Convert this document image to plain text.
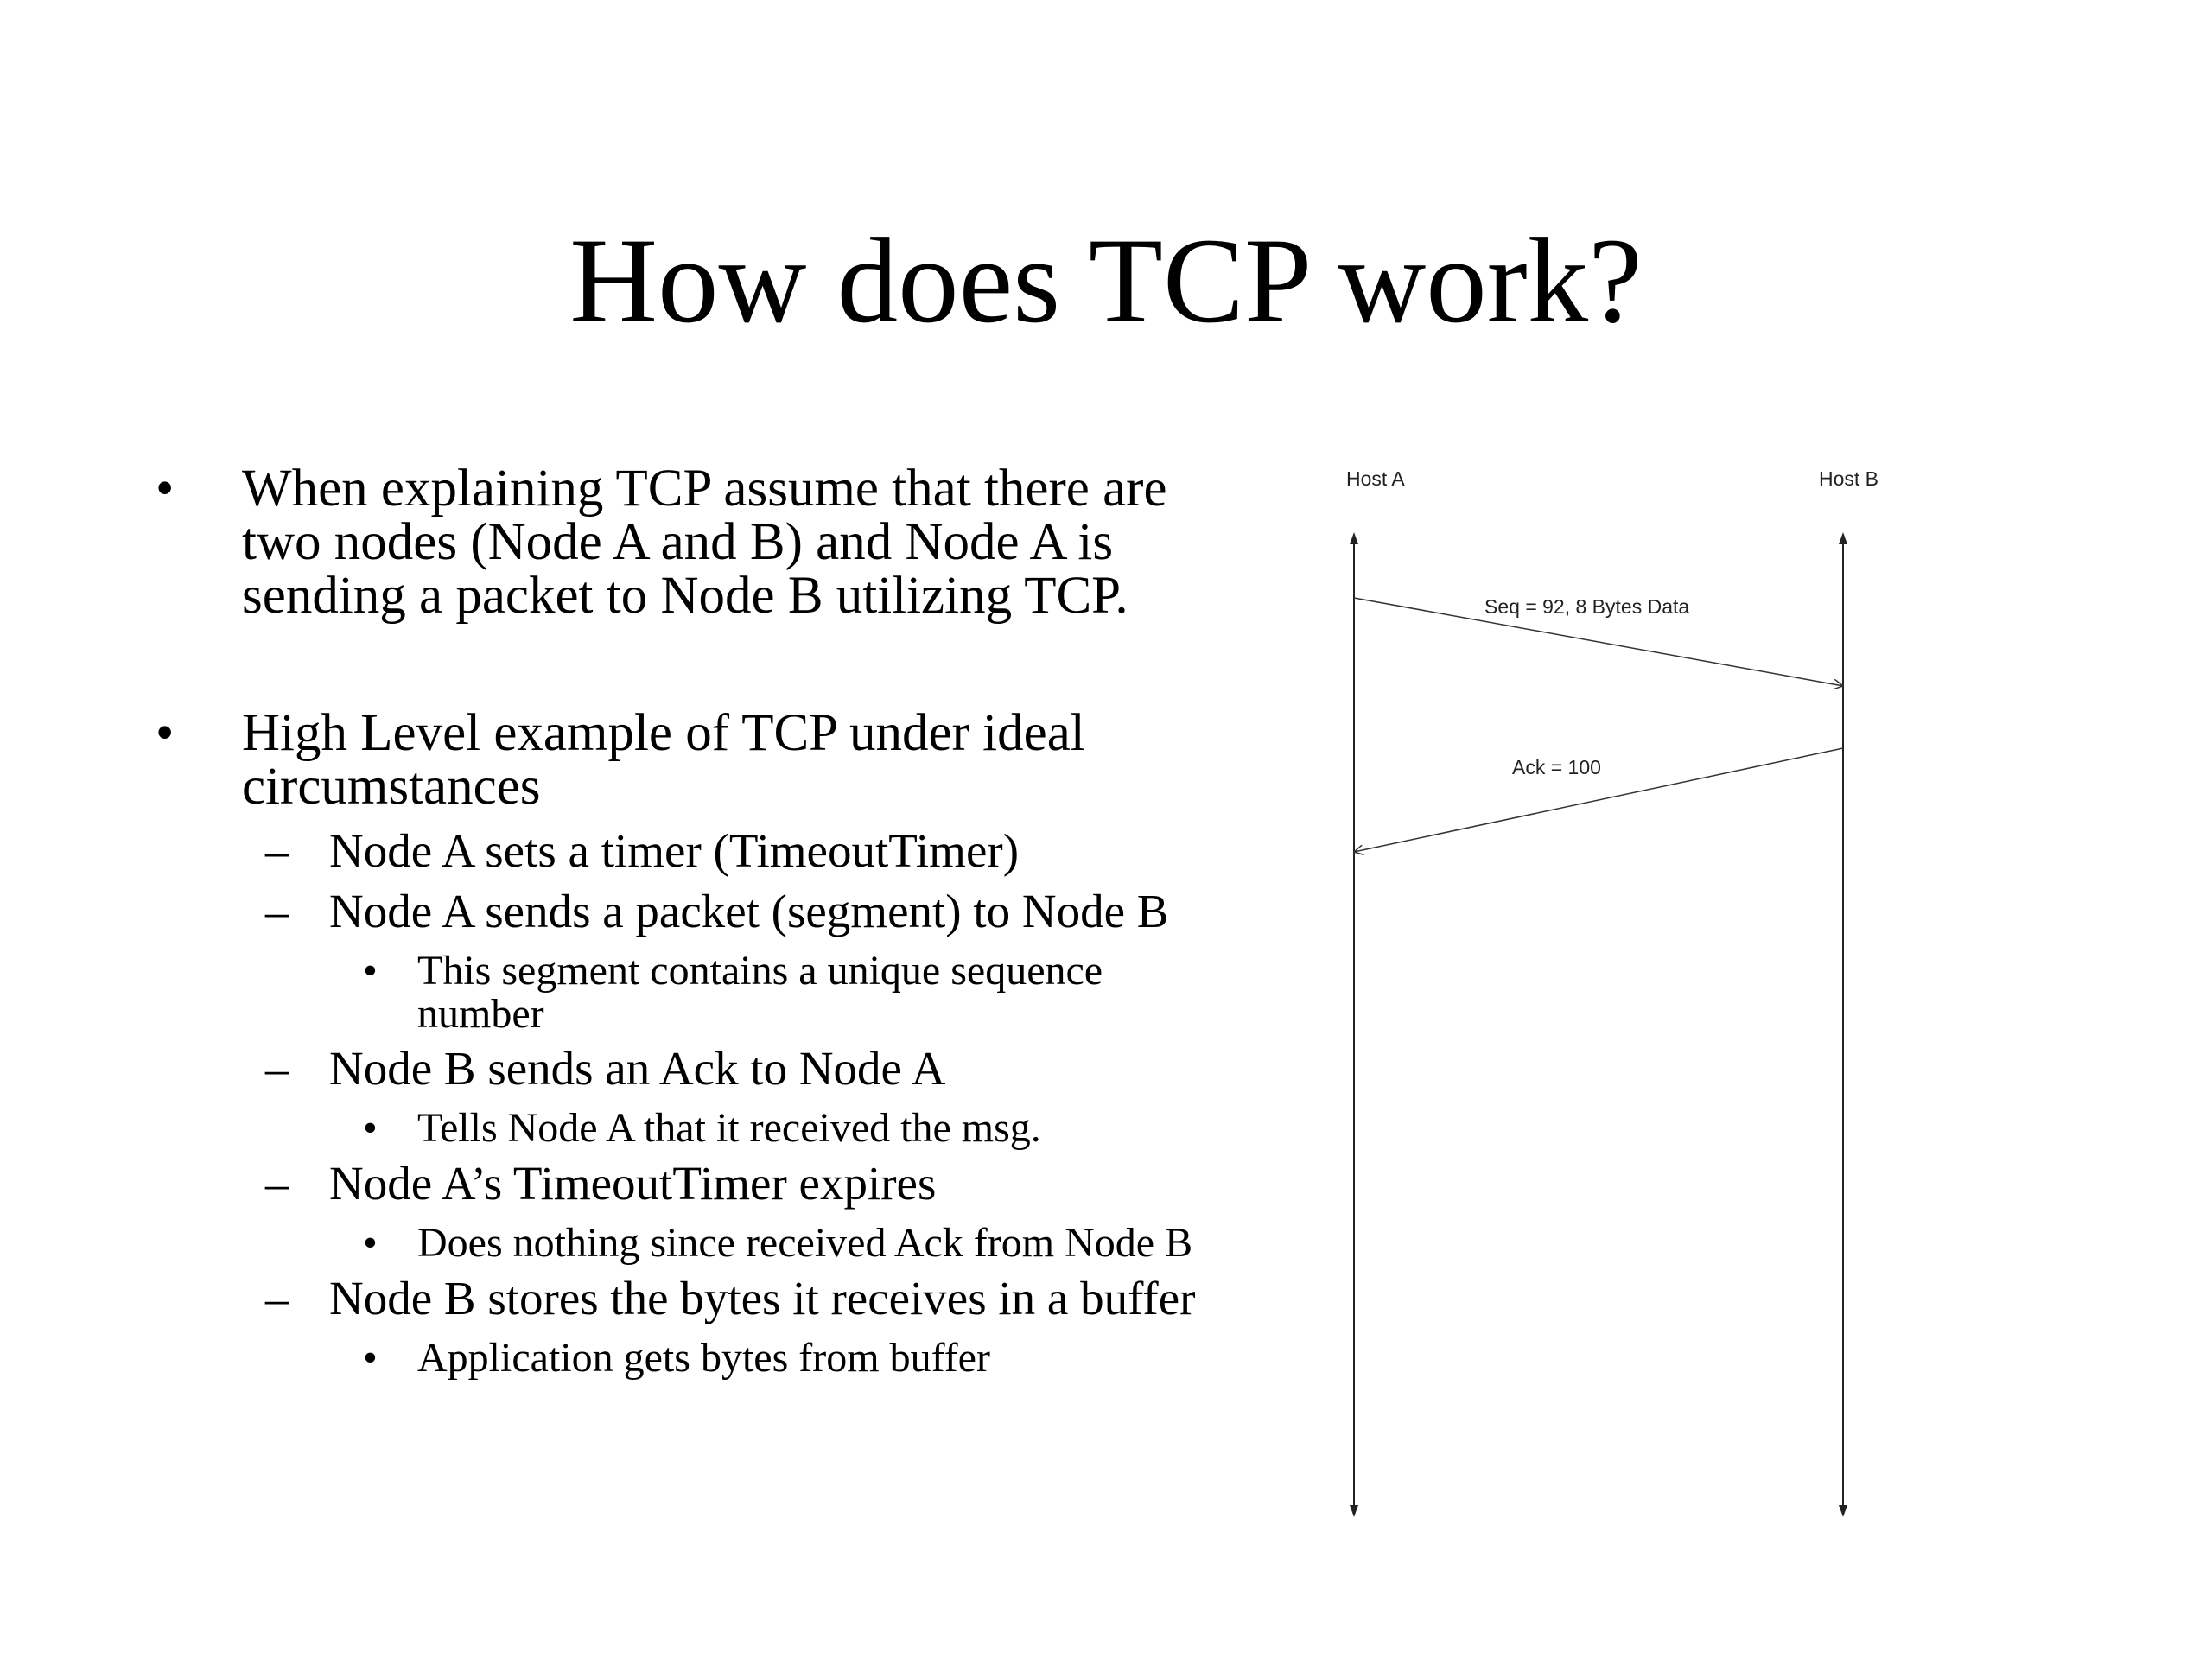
How does TCP work?
• When explaining TCP assume that there are
two nodes (Node A and B) and Node A is
sending a packet to Node B utilizing TCP.
• High Level example of TCP under ideal
circumstances
– Node A sets a timer (TimeoutTimer)
– Node A sends a packet (segment) to Node B
• This segment contains a unique sequence
number
– Node B sends an Ack to Node A
• Tells Node A that it received the msg.
– Node A’s TimeoutTimer expires
• Does nothing since received Ack from Node B
– Node B stores the bytes it receives in a buffer
• Application gets bytes from buffer
Host A	Host B
Seq = 92, 8 Bytes Data
Ack = 100
